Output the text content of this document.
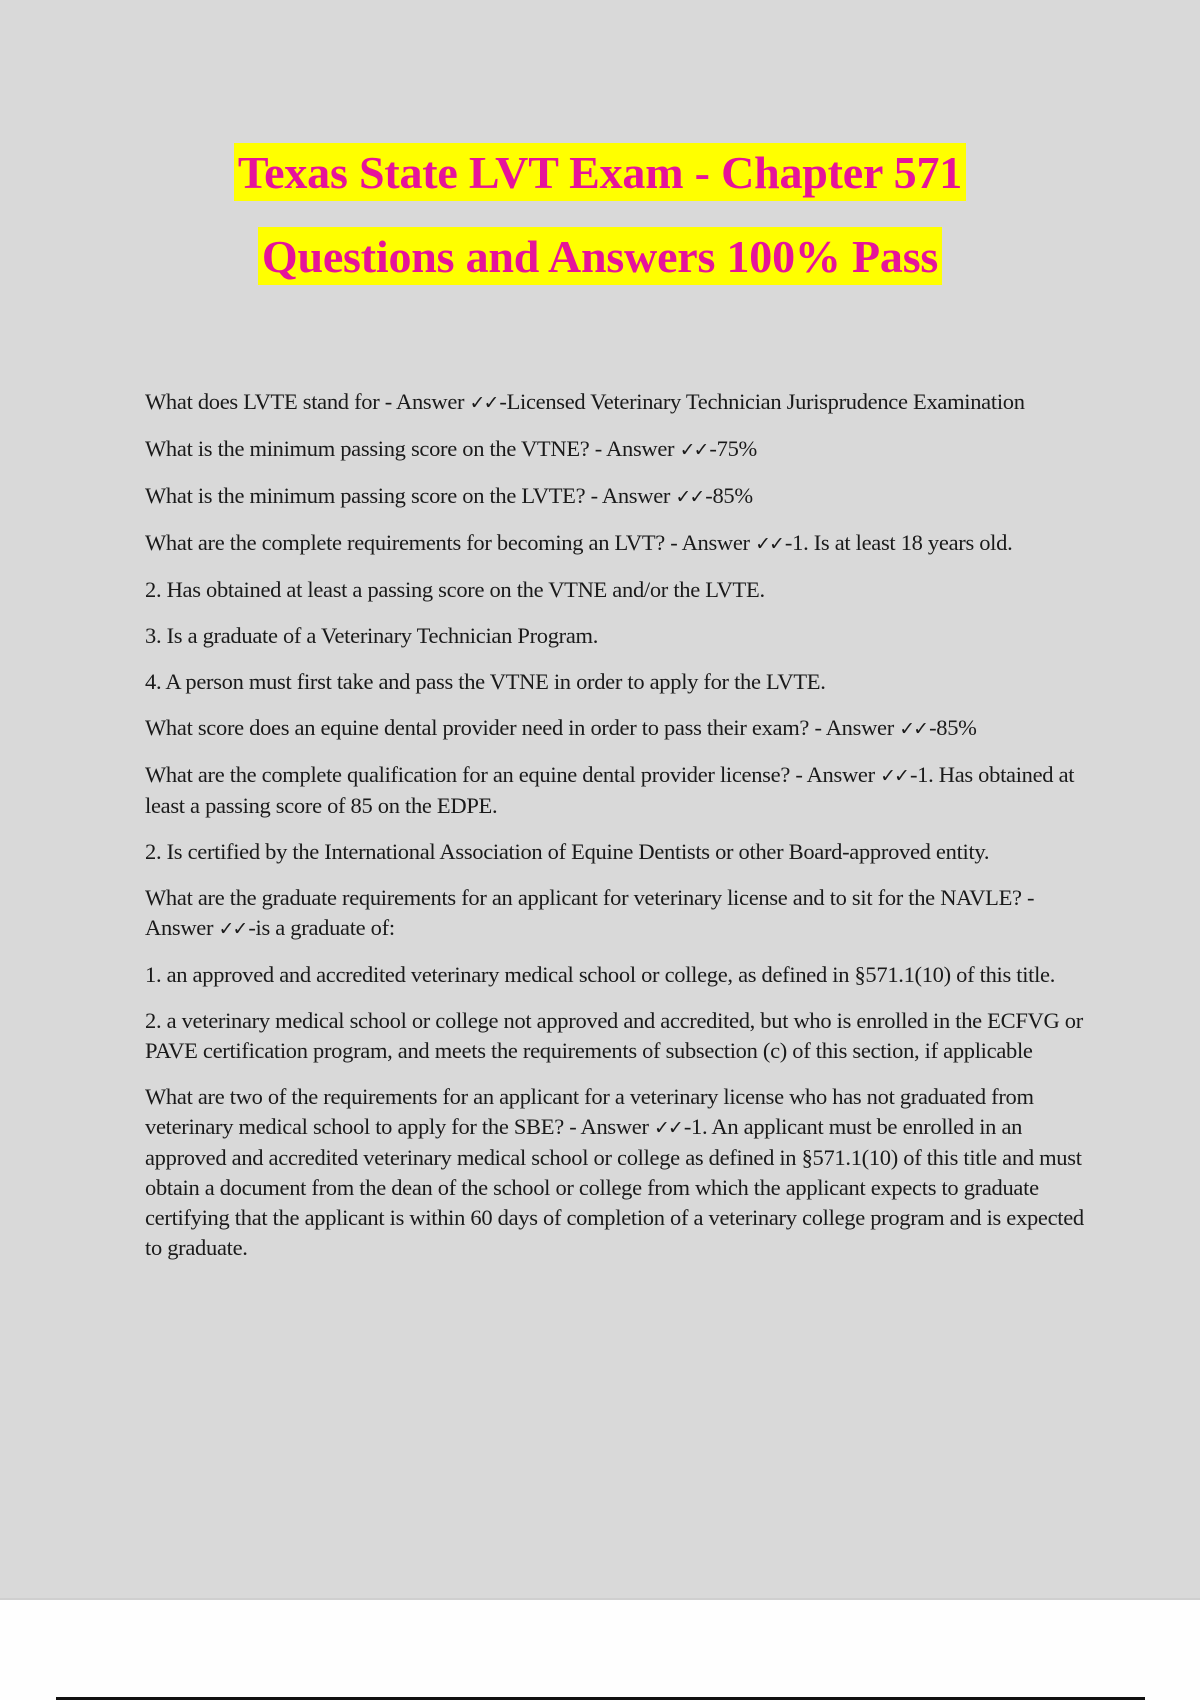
Texas State LVT Exam - Chapter 571
Questions and Answers 100% Pass

What does LVTE stand for - Answer ✓✓-Licensed Veterinary Technician Jurisprudence Examination

What is the minimum passing score on the VTNE? - Answer ✓✓-75%

What is the minimum passing score on the LVTE? - Answer ✓✓-85%

What are the complete requirements for becoming an LVT? - Answer ✓✓-1. Is at least 18 years old.

2. Has obtained at least a passing score on the VTNE and/or the LVTE.

3. Is a graduate of a Veterinary Technician Program.

4. A person must first take and pass the VTNE in order to apply for the LVTE.

What score does an equine dental provider need in order to pass their exam? - Answer ✓✓-85%

What are the complete qualification for an equine dental provider license? - Answer ✓✓-1. Has obtained at least a passing score of 85 on the EDPE.

2. Is certified by the International Association of Equine Dentists or other Board-approved entity.

What are the graduate requirements for an applicant for veterinary license and to sit for the NAVLE? - Answer ✓✓-is a graduate of:

1. an approved and accredited veterinary medical school or college, as defined in §571.1(10) of this title.

2. a veterinary medical school or college not approved and accredited, but who is enrolled in the ECFVG or PAVE certification program, and meets the requirements of subsection (c) of this section, if applicable

What are two of the requirements for an applicant for a veterinary license who has not graduated from veterinary medical school to apply for the SBE? - Answer ✓✓-1. An applicant must be enrolled in an approved and accredited veterinary medical school or college as defined in §571.1(10) of this title and must obtain a document from the dean of the school or college from which the applicant expects to graduate certifying that the applicant is within 60 days of completion of a veterinary college program and is expected to graduate.
